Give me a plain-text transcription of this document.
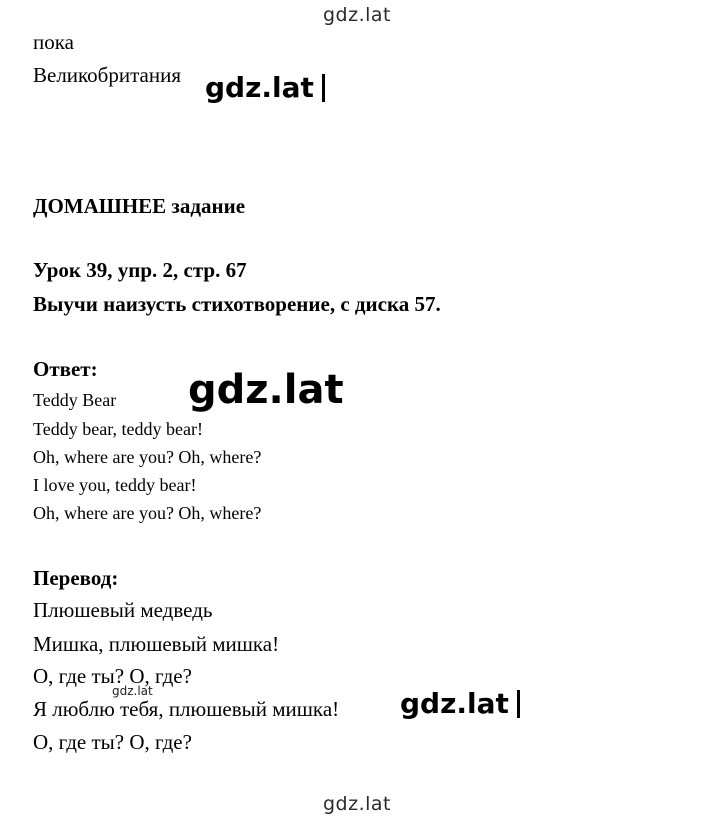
gdz.lat
пока
Великобритания gdz.lat
ДОМАШНЕЕ задание
Урок 39, упр. 2, стр. 67
Выучи наизусть стихотворение, с диска 57.
Ответ:
Teddy Bear
Teddy bear, teddy bear!
Oh, where are you? Oh, where?
I love you, teddy bear!
Oh, where are you? Oh, where?
gdz.lat
Перевод:
Плюшевый медведь
Мишка, плюшевый мишка!
О, где ты? О, где?
Я люблю тебя, плюшевый мишка!
О, где ты? О, где?
gdz.lat	gdz.lat
gdz.lat
